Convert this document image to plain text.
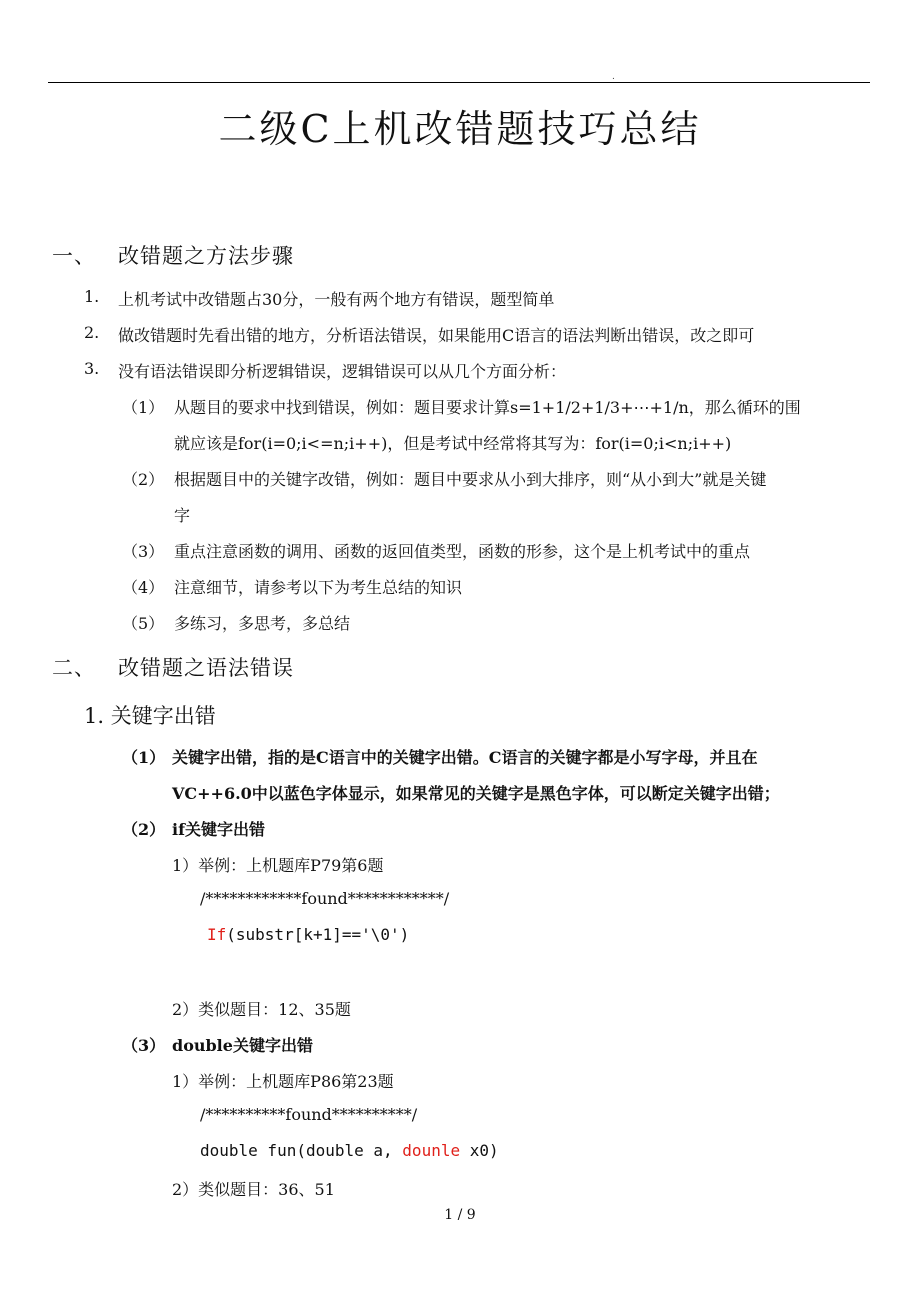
.
二级C上机改错题技巧总结
一、 改错题之方法步骤
1. 上机考试中改错题占30分，一般有两个地方有错误，题型简单
2. 做改错题时先看出错的地方，分析语法错误，如果能用C语言的语法判断出错误，改之即可
3. 没有语法错误即分析逻辑错误，逻辑错误可以从几个方面分析：
（1） 从题目的要求中找到错误，例如：题目要求计算s=1+1/2+1/3+⋯+1/n，那么循环的围
就应该是for(i=0;i<=n;i++)，但是考试中经常将其写为：for(i=0;i<n;i++)
（2） 根据题目中的关键字改错，例如：题目中要求从小到大排序，则“从小到大”就是关键
字
（3） 重点注意函数的调用、函数的返回值类型，函数的形参，这个是上机考试中的重点
（4） 注意细节，请参考以下为考生总结的知识
（5） 多练习，多思考，多总结
二、 改错题之语法错误
1. 关键字出错
（1） 关键字出错，指的是C语言中的关键字出错。C语言的关键字都是小写字母，并且在
VC++6.0中以蓝色字体显示，如果常见的关键字是黑色字体，可以断定关键字出错；
（2） if关键字出错
1）举例：上机题库P79第6题
/************found************/
If(substr[k+1]=='\0')
2）类似题目：12、35题
（3） double关键字出错
1）举例：上机题库P86第23题
/**********found**********/
double fun(double a, dounle x0)
2）类似题目：36、51
1 / 9
